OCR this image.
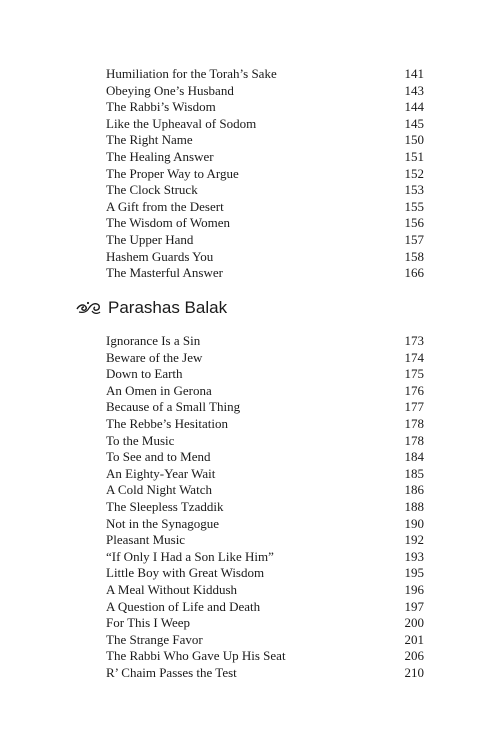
Humiliation for the Torah’s Sake	141
Obeying One’s Husband	143
The Rabbi’s Wisdom	144
Like the Upheaval of Sodom	145
The Right Name	150
The Healing Answer	151
The Proper Way to Argue	152
The Clock Struck	153
A Gift from the Desert	155
The Wisdom of Women	156
The Upper Hand	157
Hashem Guards You	158
The Masterful Answer	166
Parashas Balak
Ignorance Is a Sin	173
Beware of the Jew	174
Down to Earth	175
An Omen in Gerona	176
Because of a Small Thing	177
The Rebbe’s Hesitation	178
To the Music	178
To See and to Mend	184
An Eighty-Year Wait	185
A Cold Night Watch	186
The Sleepless Tzaddik	188
Not in the Synagogue	190
Pleasant Music	192
“If Only I Had a Son Like Him”	193
Little Boy with Great Wisdom	195
A Meal Without Kiddush	196
A Question of Life and Death	197
For This I Weep	200
The Strange Favor	201
The Rabbi Who Gave Up His Seat	206
R’ Chaim Passes the Test	210
